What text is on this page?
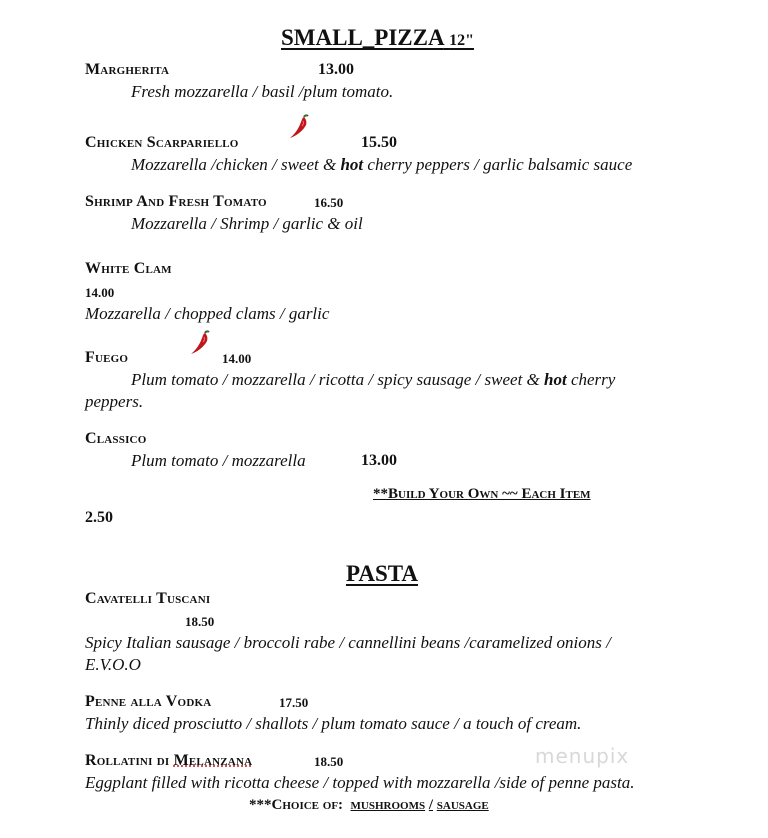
SMALL_PIZZA 12"
Margherita	13.00
Fresh mozzarella / basil /plum tomato.
Chicken Scarpariello	15.50
Mozzarella /chicken / sweet & hot cherry peppers / garlic balsamic sauce
Shrimp And Fresh Tomato	16.50
Mozzarella / Shrimp / garlic & oil
White Clam
14.00
Mozzarella / chopped clams / garlic
Fuego	14.00
Plum tomato / mozzarella / ricotta / spicy sausage / sweet & hot cherry
peppers.
Classico
Plum tomato / mozzarella	13.00
**Build Your Own ~~ Each Item
2.50
PASTA
Cavatelli Tuscani
18.50
Spicy Italian sausage / broccoli rabe / cannellini beans /caramelized onions /
E.V.O.O
Penne alla Vodka	17.50
Thinly diced prosciutto / shallots / plum tomato sauce / a touch of cream.
Rollatini di Melanzana	18.50	menupix
Eggplant filled with ricotta cheese / topped with mozzarella /side of penne pasta.
***Choice of: mushrooms / sausage
